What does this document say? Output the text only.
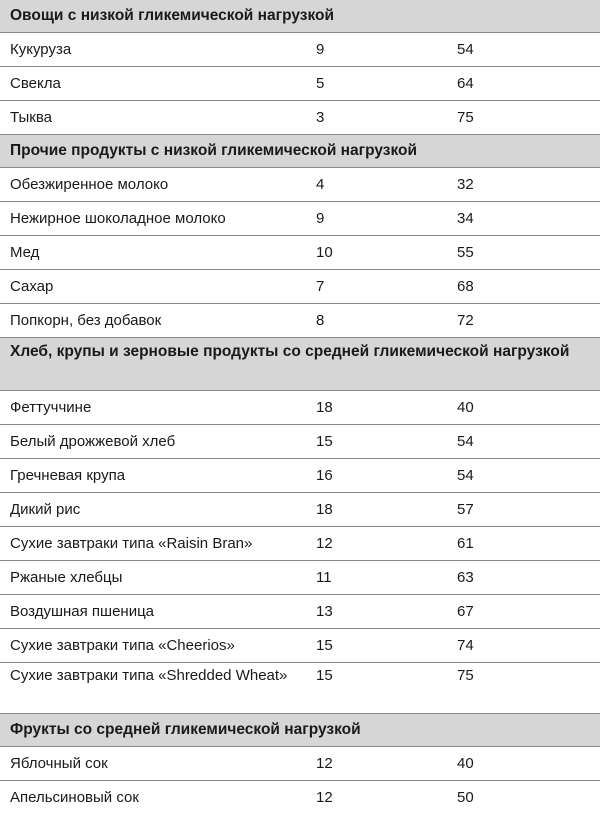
Овощи с низкой гликемической нагрузкой
Кукуруза	9	54
Свекла	5	64
Тыква	3	75
Прочие продукты с низкой гликемической нагрузкой
Обезжиренное молоко	4	32
Нежирное шоколадное молоко	9	34
Мед	10	55
Сахар	7	68
Попкорн, без добавок	8	72
Хлеб, крупы и зерновые продукты со средней гликемической нагрузкой
Феттуччине	18	40
Белый дрожжевой хлеб	15	54
Гречневая крупа	16	54
Дикий рис	18	57
Сухие завтраки типа «Raisin Bran»	12	61
Ржаные хлебцы	11	63
Воздушная пшеница	13	67
Сухие завтраки типа «Cheerios»	15	74
Сухие завтраки типа «Shredded Wheat»	15	75
Фрукты со средней гликемической нагрузкой
Яблочный сок	12	40
Апельсиновый сок	12	50
